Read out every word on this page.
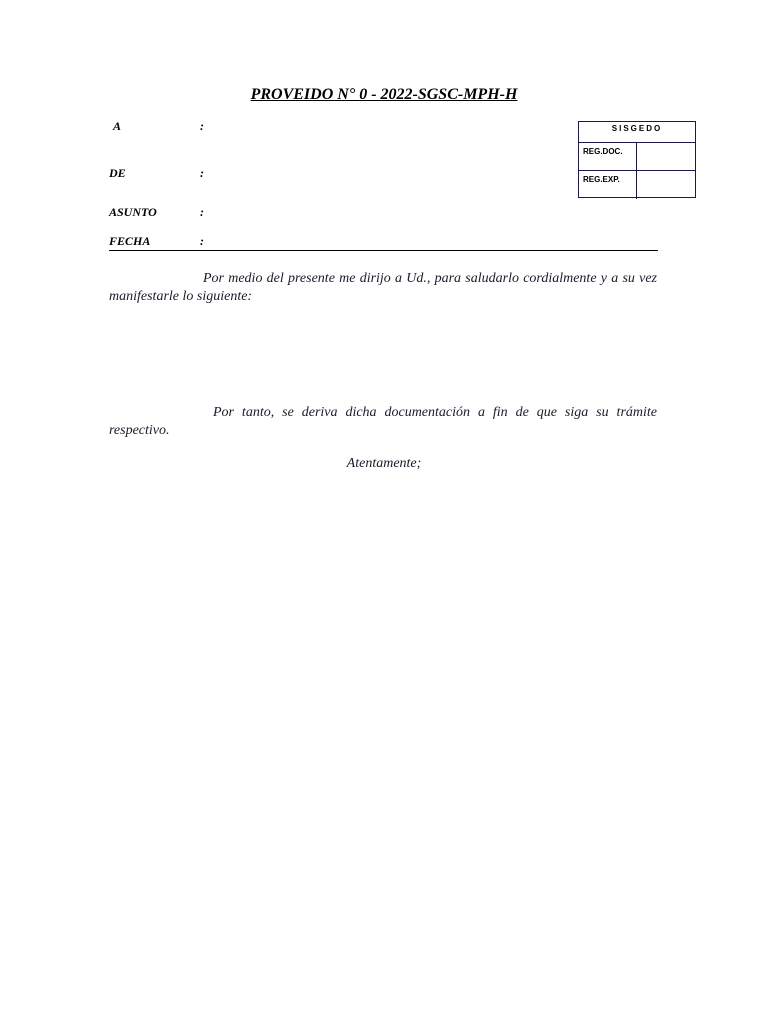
PROVEIDO N° 0 - 2022-SGSC-MPH-H
A	:
DE	:
ASUNTO	:
FECHA	:
SISGEDO
REG.DOC.
REG.EXP.
Por medio del presente me dirijo a Ud., para saludarlo cordialmente y a su vez manifestarle lo siguiente:
Por tanto, se deriva dicha documentación a fin de que siga su trámite respectivo.
Atentamente;
